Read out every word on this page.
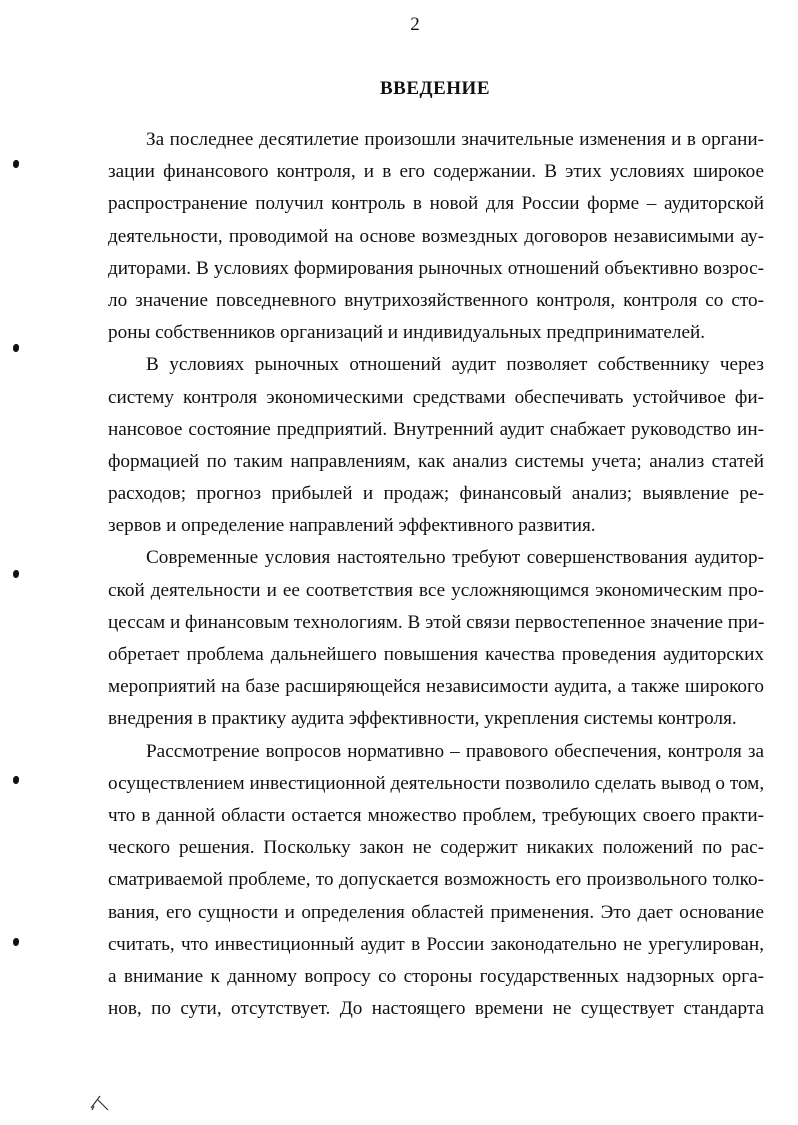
2
ВВЕДЕНИЕ
За последнее десятилетие произошли значительные изменения и в органи-
зации финансового контроля, и в его содержании. В этих условиях широкое
распространение получил контроль в новой для России форме – аудиторской
деятельности, проводимой на основе возмездных договоров независимыми ау-
диторами. В условиях формирования рыночных отношений объективно возрос-
ло значение повседневного внутрихозяйственного контроля, контроля со сто-
роны собственников организаций и индивидуальных предпринимателей.
В условиях рыночных отношений аудит позволяет собственнику через
систему контроля экономическими средствами обеспечивать устойчивое фи-
нансовое состояние предприятий. Внутренний аудит снабжает руководство ин-
формацией по таким направлениям, как анализ системы учета; анализ статей
расходов; прогноз прибылей и продаж; финансовый анализ; выявление ре-
зервов и определение направлений эффективного развития.
Современные условия настоятельно требуют совершенствования аудитор-
ской деятельности и ее соответствия все усложняющимся экономическим про-
цессам и финансовым технологиям. В этой связи первостепенное значение при-
обретает проблема дальнейшего повышения качества проведения аудиторских
мероприятий на базе расширяющейся независимости аудита, а также широкого
внедрения в практику аудита эффективности, укрепления системы контроля.
Рассмотрение вопросов нормативно – правового обеспечения, контроля за
осуществлением инвестиционной деятельности позволило сделать вывод о том,
что в данной области остается множество проблем, требующих своего практи-
ческого решения. Поскольку закон не содержит никаких положений по рас-
сматриваемой проблеме, то допускается возможность его произвольного толко-
вания, его сущности и определения областей применения. Это дает основание
считать, что инвестиционный аудит в России законодательно не урегулирован,
а внимание к данному вопросу со стороны государственных надзорных орга-
нов, по сути, отсутствует. До настоящего времени не существует стандарта
